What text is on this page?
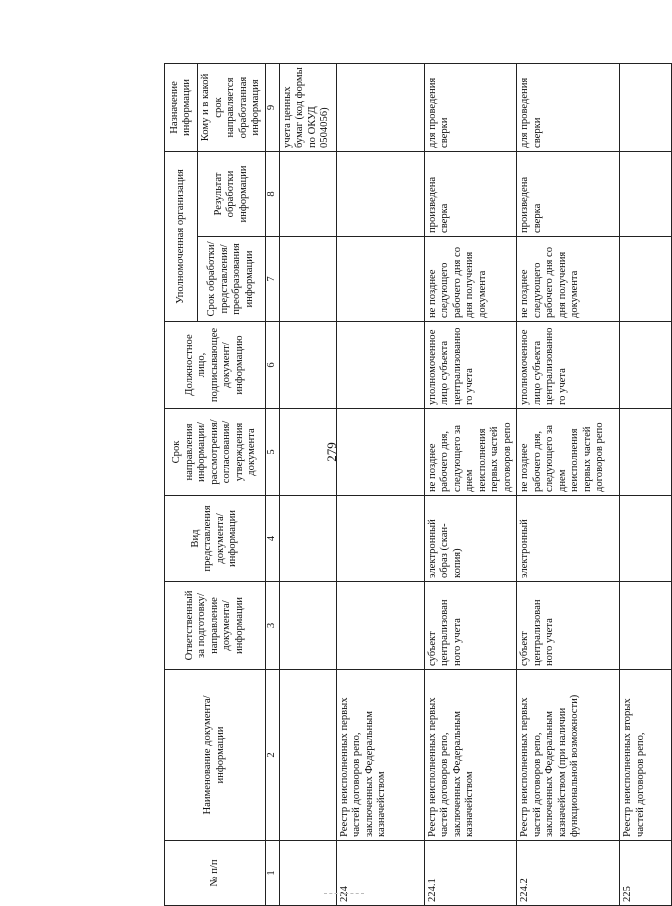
279
№ п/п	Наименование документа/ информации	Ответственный за подготовку/ направление документа/ информации	Вид представления документа/ информации	Срок направления информации/ рассмотрения/ согласования/ утверждения документа	Должностное лицо, подписывающее документ/ информацию	Уполномоченная организация		Назначение информации
						Срок обработки/ представления/ преобразования информации	Результат обработки информации	Кому и в какой срок направляется обработанная информация
1	2	3	4	5	6	7	8	9
								учета ценных бумаг (код формы по ОКУД 0504056)
224	Реестр неисполненных первых частей договоров репо, заключенных Федеральным казначейством							
224.1	Реестр неисполненных первых частей договоров репо, заключенных Федеральным казначейством	субъект централизован ного учета	электронный образ (скан-копия)	не позднее рабочего дня, следующего за днем неисполнения первых частей договоров репо	уполномоченное лицо субъекта централизованно го учета	не позднее следующего рабочего дня со дня получения документа	произведена сверка	для проведения сверки
224.2	Реестр неисполненных первых частей договоров репо, заключенных Федеральным казначейством (при наличии функциональной возможности)	субъект централизован ного учета	электронный	не позднее рабочего дня, следующего за днем неисполнения первых частей договоров репо	уполномоченное лицо субъекта централизованно го учета	не позднее следующего рабочего дня со дня получения документа	произведена сверка	для проведения сверки
225	Реестр неисполненных вторых частей договоров репо,							
